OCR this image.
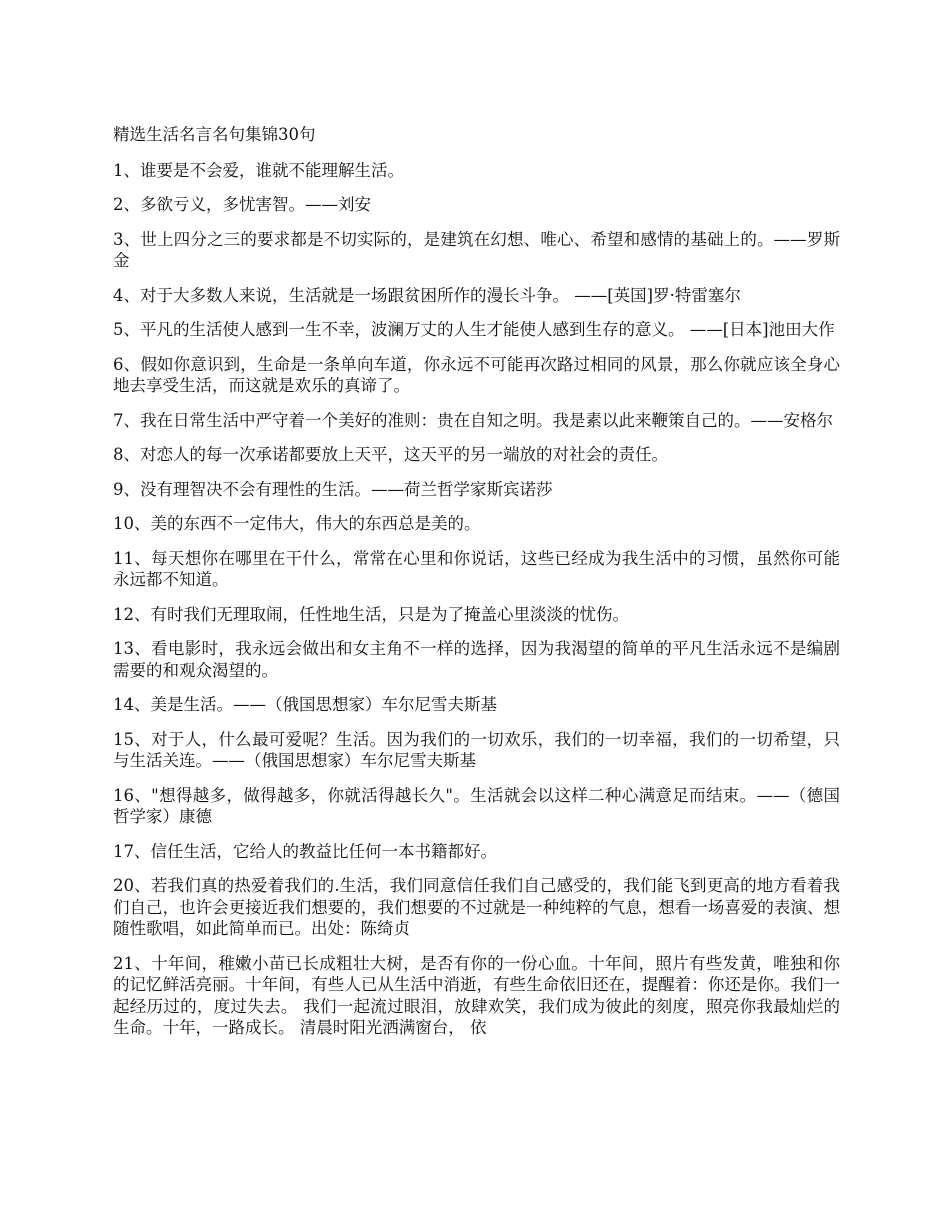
精选生活名言名句集锦30句
1、谁要是不会爱，谁就不能理解生活。
2、多欲亏义，多忧害智。——刘安
3、世上四分之三的要求都是不切实际的，是建筑在幻想、唯心、希望和感情的基础上的。——罗斯金
4、对于大多数人来说，生活就是一场跟贫困所作的漫长斗争。 ——[英国]罗·特雷塞尔
5、平凡的生活使人感到一生不幸，波澜万丈的人生才能使人感到生存的意义。 ——[日本]池田大作
6、假如你意识到，生命是一条单向车道，你永远不可能再次路过相同的风景，那么你就应该全身心地去享受生活，而这就是欢乐的真谛了。
7、我在日常生活中严守着一个美好的准则：贵在自知之明。我是素以此来鞭策自己的。——安格尔
8、对恋人的每一次承诺都要放上天平，这天平的另一端放的对社会的责任。
9、没有理智决不会有理性的生活。——荷兰哲学家斯宾诺莎
10、美的东西不一定伟大，伟大的东西总是美的。
11、每天想你在哪里在干什么，常常在心里和你说话，这些已经成为我生活中的习惯，虽然你可能永远都不知道。
12、有时我们无理取闹，任性地生活，只是为了掩盖心里淡淡的忧伤。
13、看电影时，我永远会做出和女主角不一样的选择，因为我渴望的简单的平凡生活永远不是编剧需要的和观众渴望的。
14、美是生活。——（俄国思想家）车尔尼雪夫斯基
15、对于人，什么最可爱呢？生活。因为我们的一切欢乐，我们的一切幸福，我们的一切希望，只与生活关连。——（俄国思想家）车尔尼雪夫斯基
16、"想得越多，做得越多，你就活得越长久"。生活就会以这样二种心满意足而结束。——（德国哲学家）康德
17、信任生活，它给人的教益比任何一本书籍都好。
20、若我们真的热爱着我们的.生活，我们同意信任我们自己感受的，我们能飞到更高的地方看着我们自己，也许会更接近我们想要的，我们想要的不过就是一种纯粹的气息，想看一场喜爱的表演、想随性歌唱，如此简单而已。出处：陈绮贞
21、十年间，稚嫩小苗已长成粗壮大树，是否有你的一份心血。十年间，照片有些发黄，唯独和你的记忆鲜活亮丽。十年间，有些人已从生活中消逝，有些生命依旧还在，提醒着：你还是你。我们一起经历过的，度过失去。 我们一起流过眼泪，放肆欢笑，我们成为彼此的刻度，照亮你我最灿烂的生命。十年，一路成长。 清晨时阳光洒满窗台， 依
